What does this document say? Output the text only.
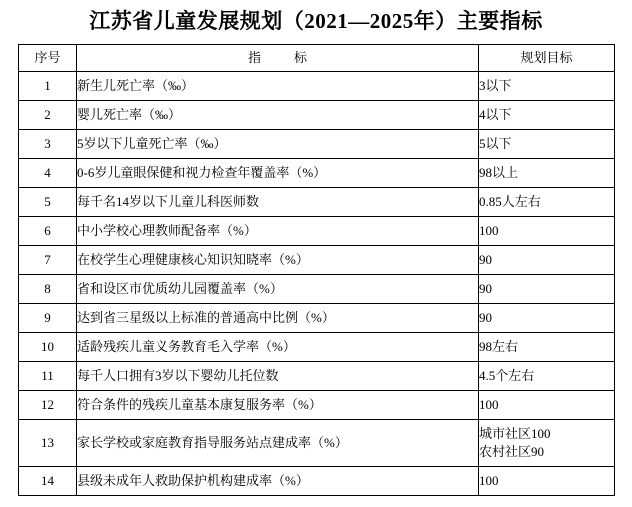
江苏省儿童发展规划（2021—2025年）主要指标
序号	指　标	规划目标
1	新生儿死亡率（‰）	3以下
2	婴儿死亡率（‰）	4以下
3	5岁以下儿童死亡率（‰）	5以下
4	0-6岁儿童眼保健和视力检查年覆盖率（%）	98以上
5	每千名14岁以下儿童儿科医师数	0.85人左右
6	中小学校心理教师配备率（%）	100
7	在校学生心理健康核心知识知晓率（%）	90
8	省和设区市优质幼儿园覆盖率（%）	90
9	达到省三星级以上标准的普通高中比例（%）	90
10	适龄残疾儿童义务教育毛入学率（%）	98左右
11	每千人口拥有3岁以下婴幼儿托位数	4.5个左右
12	符合条件的残疾儿童基本康复服务率（%）	100
13	家长学校或家庭教育指导服务站点建成率（%）	城市社区100
农村社区90

14	县级未成年人救助保护机构建成率（%）	100
